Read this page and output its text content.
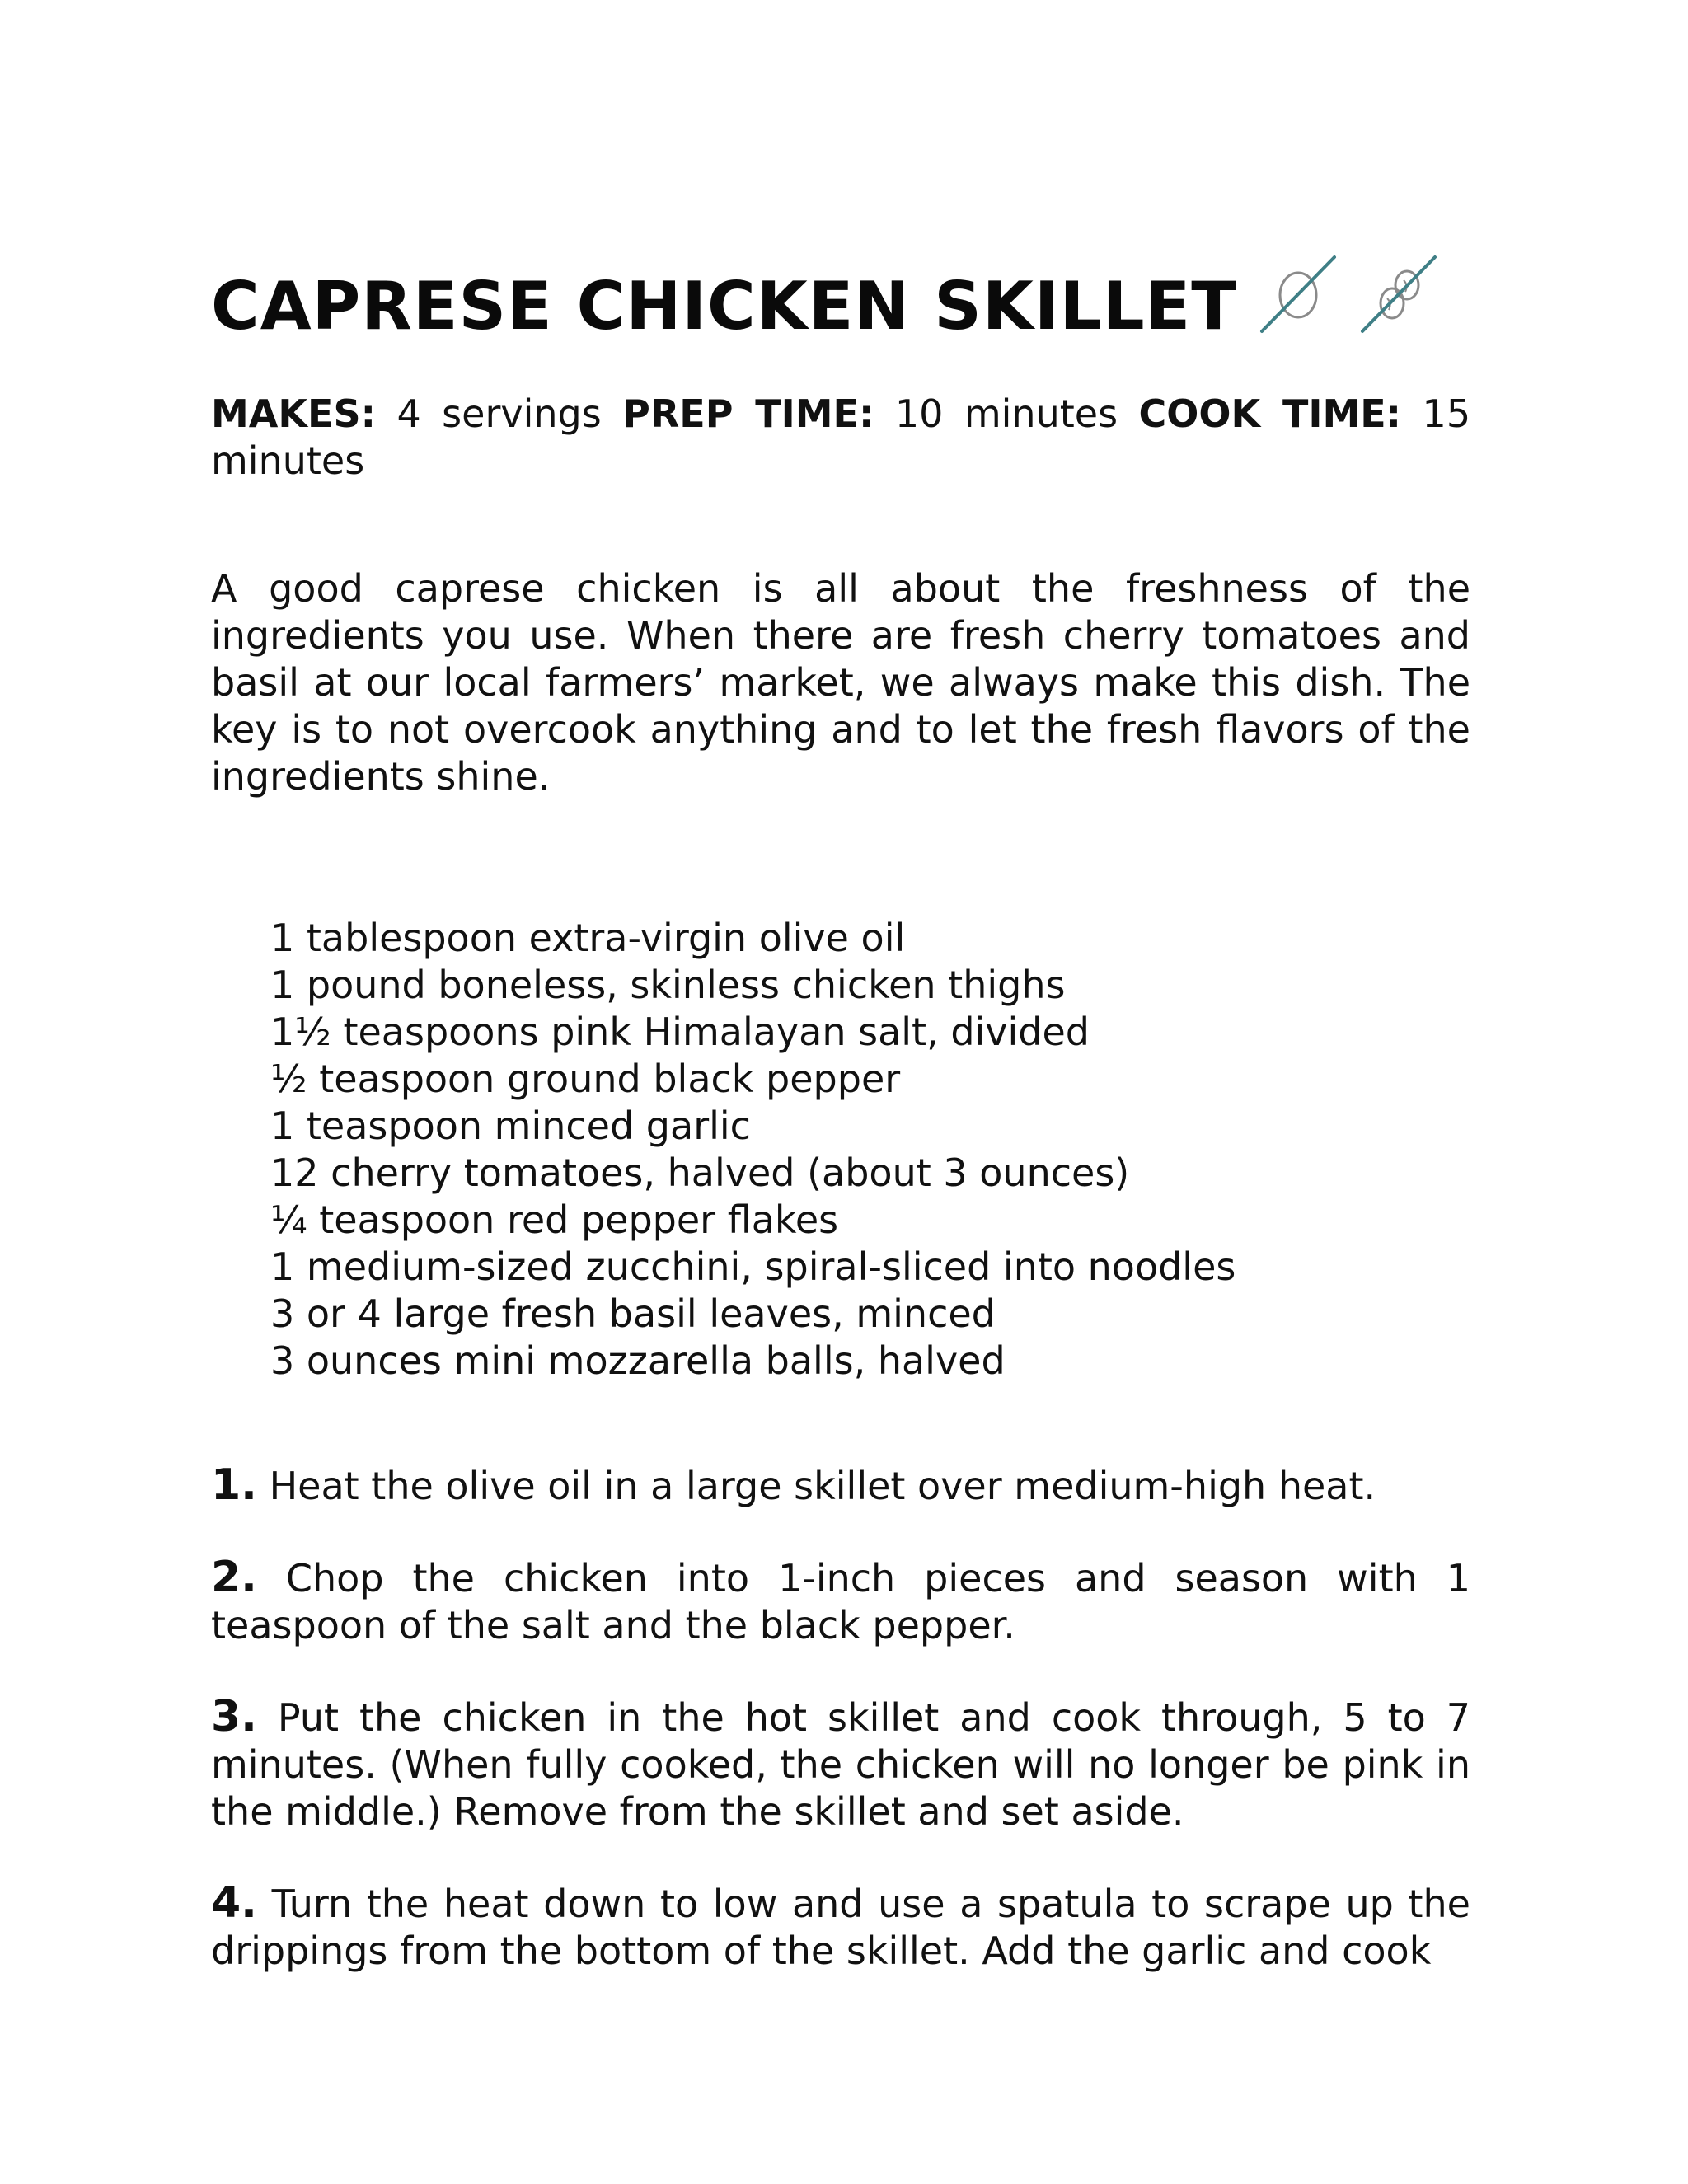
CAPRESE CHICKEN SKILLET
MAKES: 4 servings PREP TIME: 10 minutes COOK TIME: 15 minutes

A good caprese chicken is all about the freshness of the ingredients you use. When there are fresh cherry tomatoes and basil at our local farmers’ market, we always make this dish. The key is to not overcook anything and to let the fresh flavors of the ingredients shine.

1 tablespoon extra-virgin olive oil
1 pound boneless, skinless chicken thighs
1½ teaspoons pink Himalayan salt, divided
½ teaspoon ground black pepper
1 teaspoon minced garlic
12 cherry tomatoes, halved (about 3 ounces)
¼ teaspoon red pepper flakes
1 medium-sized zucchini, spiral-sliced into noodles
3 or 4 large fresh basil leaves, minced
3 ounces mini mozzarella balls, halved

1. Heat the olive oil in a large skillet over medium-high heat.

2. Chop the chicken into 1-inch pieces and season with 1 teaspoon of the salt and the black pepper.

3. Put the chicken in the hot skillet and cook through, 5 to 7 minutes. (When fully cooked, the chicken will no longer be pink in the middle.) Remove from the skillet and set aside.

4. Turn the heat down to low and use a spatula to scrape up the drippings from the bottom of the skillet. Add the garlic and cook
